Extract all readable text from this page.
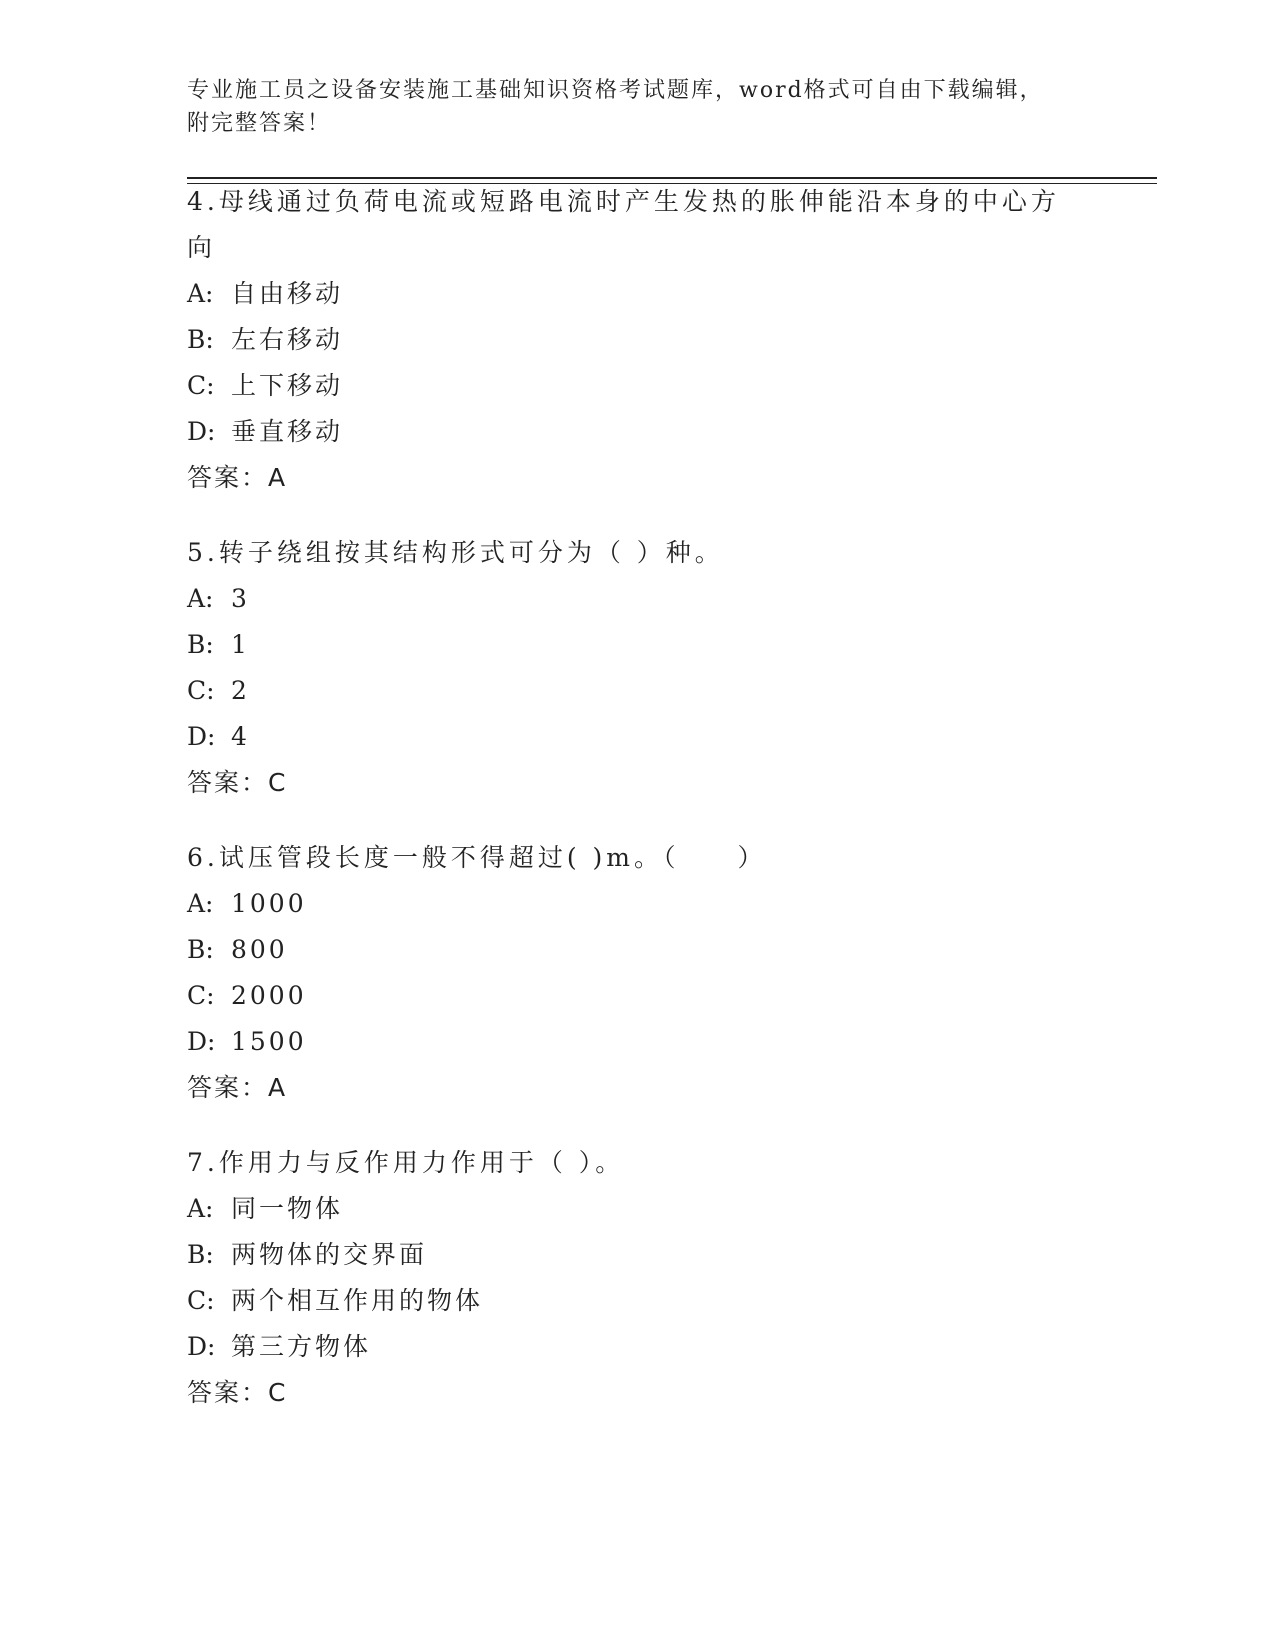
专业施工员之设备安装施工基础知识资格考试题库，word格式可自由下载编辑，
附完整答案！
4.母线通过负荷电流或短路电流时产生发热的胀伸能沿本身的中心方
向
A: 自由移动
B: 左右移动
C: 上下移动
D: 垂直移动
答案：A
5.转子绕组按其结构形式可分为（ ）种。
A: 3
B: 1
C: 2
D: 4
答案：C
6.试压管段长度一般不得超过( )m。（　　）
A: 1000
B: 800
C: 2000
D: 1500
答案：A
7.作用力与反作用力作用于（ ）。
A: 同一物体
B: 两物体的交界面
C: 两个相互作用的物体
D: 第三方物体
答案：C
